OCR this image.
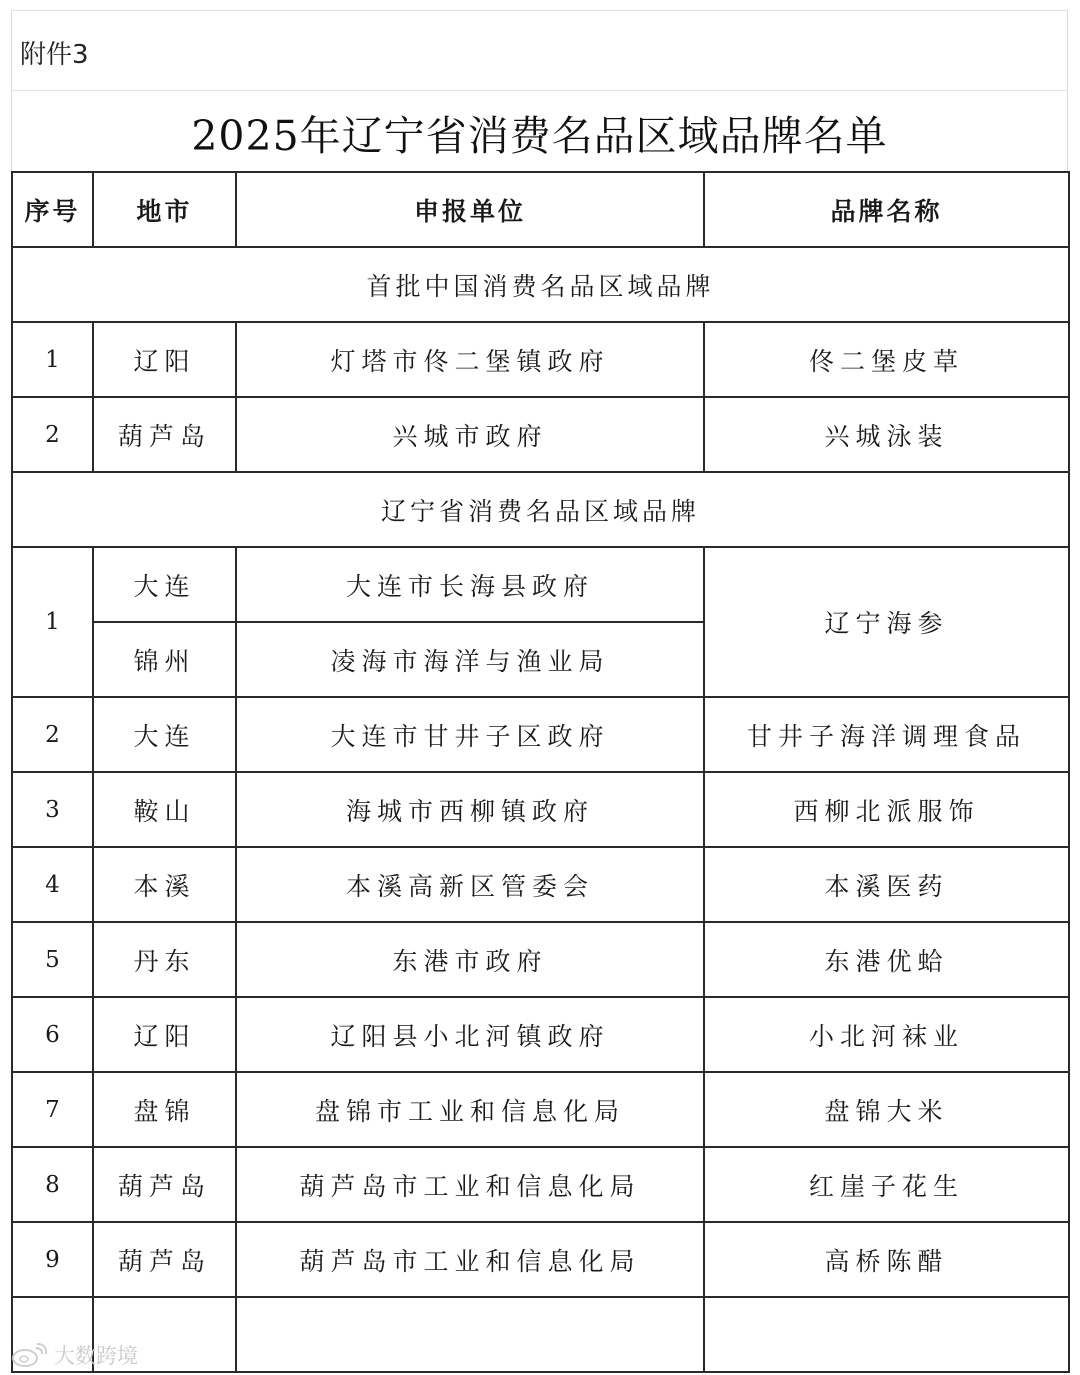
附件3
2025年辽宁省消费名品区域品牌名单
序号	地市	申报单位	品牌名称
首批中国消费名品区域品牌			
1	辽阳	灯塔市佟二堡镇政府	佟二堡皮草
2	葫芦岛	兴城市政府	兴城泳装
辽宁省消费名品区域品牌			
1	大连	大连市长海县政府	辽宁海参
	锦州	凌海市海洋与渔业局	
2	大连	大连市甘井子区政府	甘井子海洋调理食品
3	鞍山	海城市西柳镇政府	西柳北派服饰
4	本溪	本溪高新区管委会	本溪医药
5	丹东	东港市政府	东港优蛤
6	辽阳	辽阳县小北河镇政府	小北河袜业
7	盘锦	盘锦市工业和信息化局	盘锦大米
8	葫芦岛	葫芦岛市工业和信息化局	红崖子花生
9	葫芦岛	葫芦岛市工业和信息化局	高桥陈醋

大数跨境
